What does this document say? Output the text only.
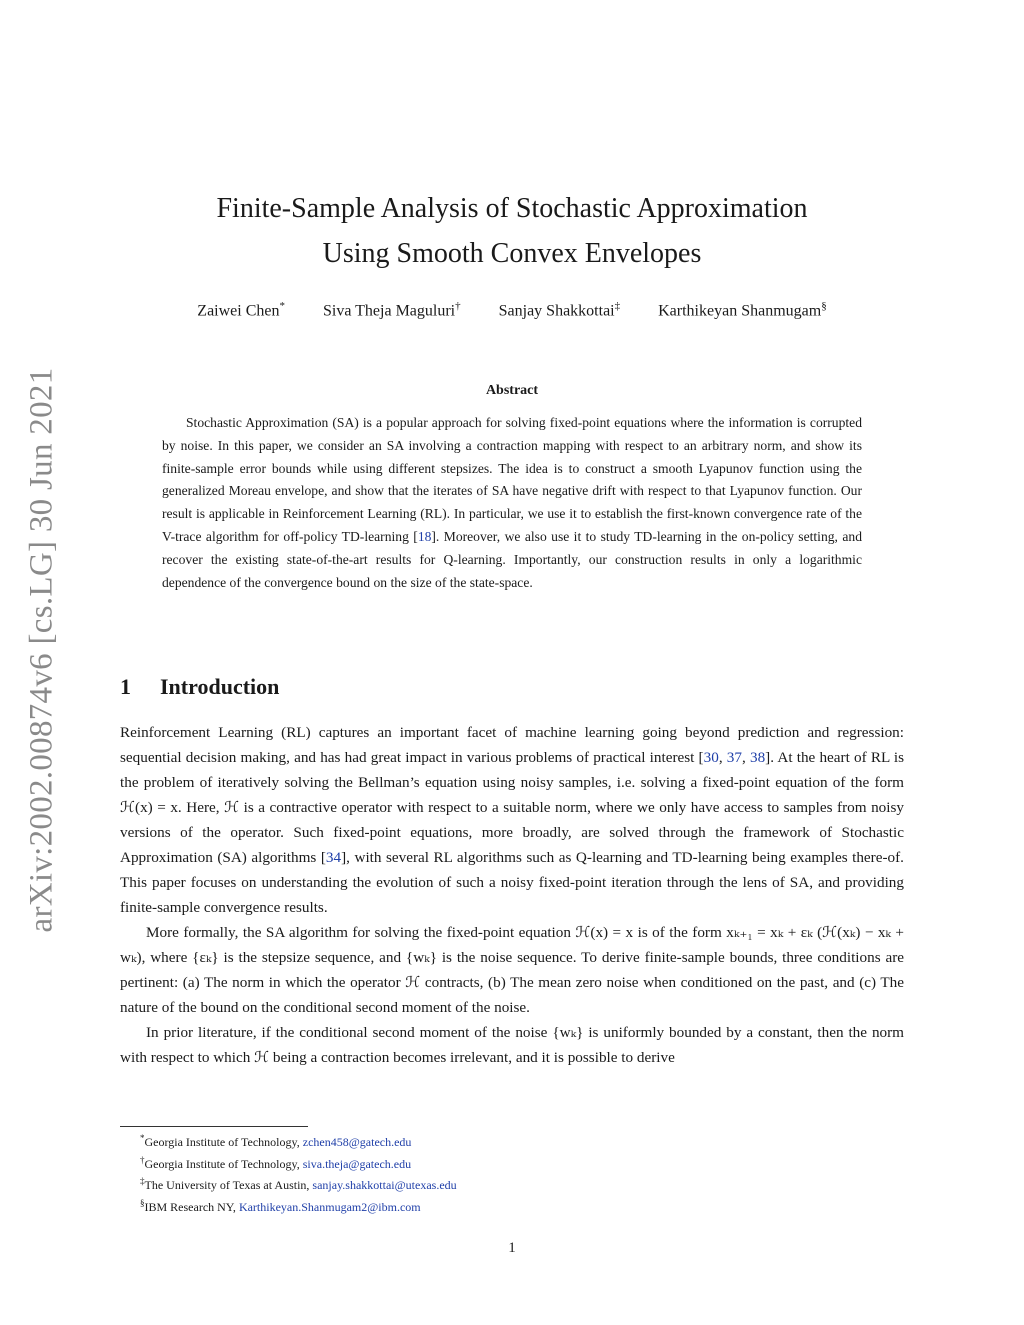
arXiv:2002.00874v6 [cs.LG] 30 Jun 2021
Finite-Sample Analysis of Stochastic Approximation
Using Smooth Convex Envelopes
Zaiwei Chen* Siva Theja Maguluri† Sanjay Shakkottai‡ Karthikeyan Shanmugam§
Abstract

Stochastic Approximation (SA) is a popular approach for solving fixed-point equations where the information is corrupted by noise. In this paper, we consider an SA involving a contraction mapping with respect to an arbitrary norm, and show its finite-sample error bounds while using different stepsizes. The idea is to construct a smooth Lyapunov function using the generalized Moreau envelope, and show that the iterates of SA have negative drift with respect to that Lyapunov function. Our result is applicable in Reinforcement Learning (RL). In particular, we use it to establish the first-known convergence rate of the V-trace algorithm for off-policy TD-learning [18]. Moreover, we also use it to study TD-learning in the on-policy setting, and recover the existing state-of-the-art results for Q-learning. Importantly, our construction results in only a logarithmic dependence of the convergence bound on the size of the state-space.

1 Introduction

Reinforcement Learning (RL) captures an important facet of machine learning going beyond prediction and regression: sequential decision making, and has had great impact in various problems of practical interest [30, 37, 38]. At the heart of RL is the problem of iteratively solving the Bellman’s equation using noisy samples, i.e. solving a fixed-point equation of the form ℋ(x) = x. Here, ℋ is a contractive operator with respect to a suitable norm, where we only have access to samples from noisy versions of the operator. Such fixed-point equations, more broadly, are solved through the framework of Stochastic Approximation (SA) algorithms [34], with several RL algorithms such as Q-learning and TD-learning being examples there-of. This paper focuses on understanding the evolution of such a noisy fixed-point iteration through the lens of SA, and providing finite-sample convergence results.

More formally, the SA algorithm for solving the fixed-point equation ℋ(x) = x is of the form xₖ₊₁ = xₖ + εₖ (ℋ(xₖ) − xₖ + wₖ), where {εₖ} is the stepsize sequence, and {wₖ} is the noise sequence. To derive finite-sample bounds, three conditions are pertinent: (a) The norm in which the operator ℋ contracts, (b) The mean zero noise when conditioned on the past, and (c) The nature of the bound on the conditional second moment of the noise.

In prior literature, if the conditional second moment of the noise {wₖ} is uniformly bounded by a constant, then the norm with respect to which ℋ being a contraction becomes irrelevant, and it is possible to derive

*Georgia Institute of Technology, zchen458@gatech.edu
†Georgia Institute of Technology, siva.theja@gatech.edu
‡The University of Texas at Austin, sanjay.shakkottai@utexas.edu
§IBM Research NY, Karthikeyan.Shanmugam2@ibm.com
1
